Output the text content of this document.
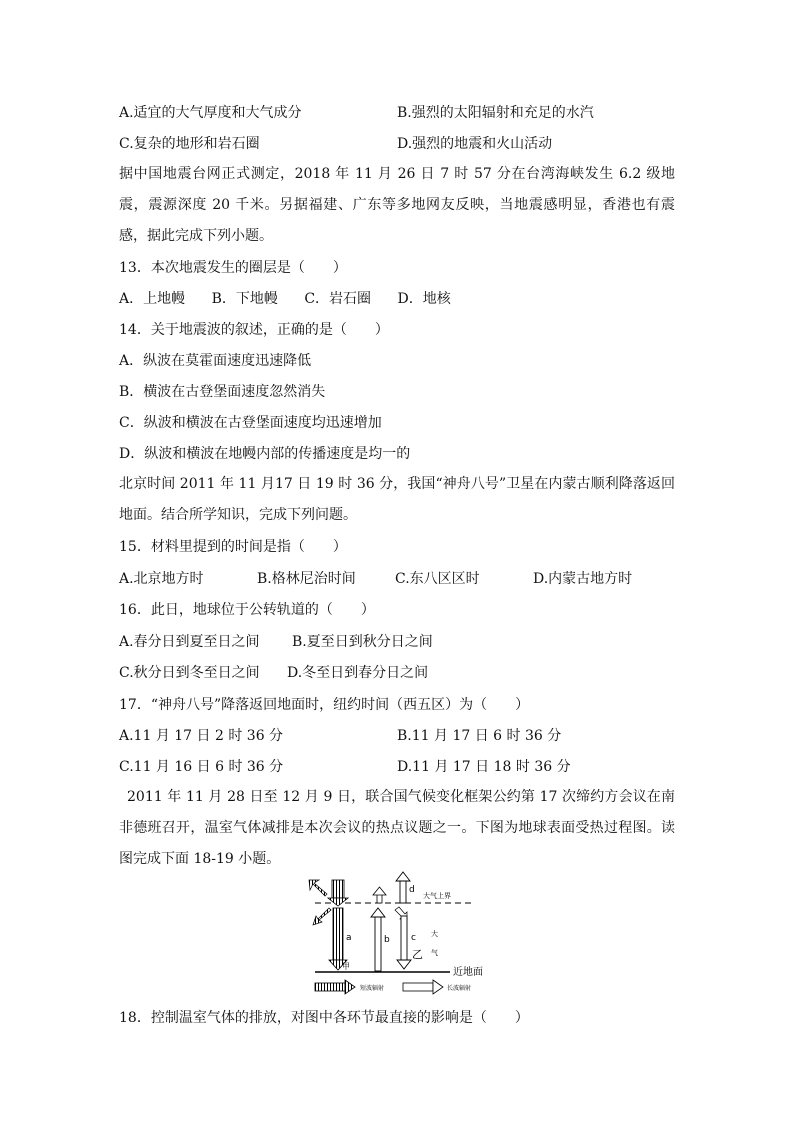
A.适宜的大气厚度和大气成分	B.强烈的太阳辐射和充足的水汽
C.复杂的地形和岩石圈	D.强烈的地震和火山活动
据中国地震台网正式测定，2018 年 11 月 26 日 7 时 57 分在台湾海峡发生 6.2 级地震，震源深度 20 千米。另据福建、广东等多地网友反映，当地震感明显，香港也有震感，据此完成下列小题。
13．本次地震发生的圈层是（　　）
A．上地幔 B．下地幔 C．岩石圈 D．地核
14．关于地震波的叙述，正确的是（　　）
A．纵波在莫霍面速度迅速降低
B．横波在古登堡面速度忽然消失
C．纵波和横波在古登堡面速度均迅速增加
D．纵波和横波在地幔内部的传播速度是均一的
北京时间 2011 年 11 月17 日 19 时 36 分，我国“神舟八号”卫星在内蒙古顺利降落返回地面。结合所学知识，完成下列问题。
15．材料里提到的时间是指（　　）
A.北京地方时	B.格林尼治时间	C.东八区区时	D.内蒙古地方时
16．此日，地球位于公转轨道的（　　）
A.春分日到夏至日之间 B.夏至日到秋分日之间
C.秋分日到冬至日之间 D.冬至日到春分日之间
17．“神舟八号”降落返回地面时，纽约时间（西五区）为（　　）
A.11 月 17 日 2 时 36 分	B.11 月 17 日 6 时 36 分
C.11 月 16 日 6 时 36 分	D.11 月 17 日 18 时 36 分
2011 年 11 月 28 日至 12 月 9 日，联合国气候变化框架公约第 17 次缔约方会议在南非德班召开，温室气体减排是本次会议的热点议题之一。下图为地球表面受热过程图。读图完成下面 18-19 小题。
大气上界
近地面
a
甲
b
d
c
乙
大
气
短波辐射	长波辐射
18．控制温室气体的排放，对图中各环节最直接的影响是（　　）
